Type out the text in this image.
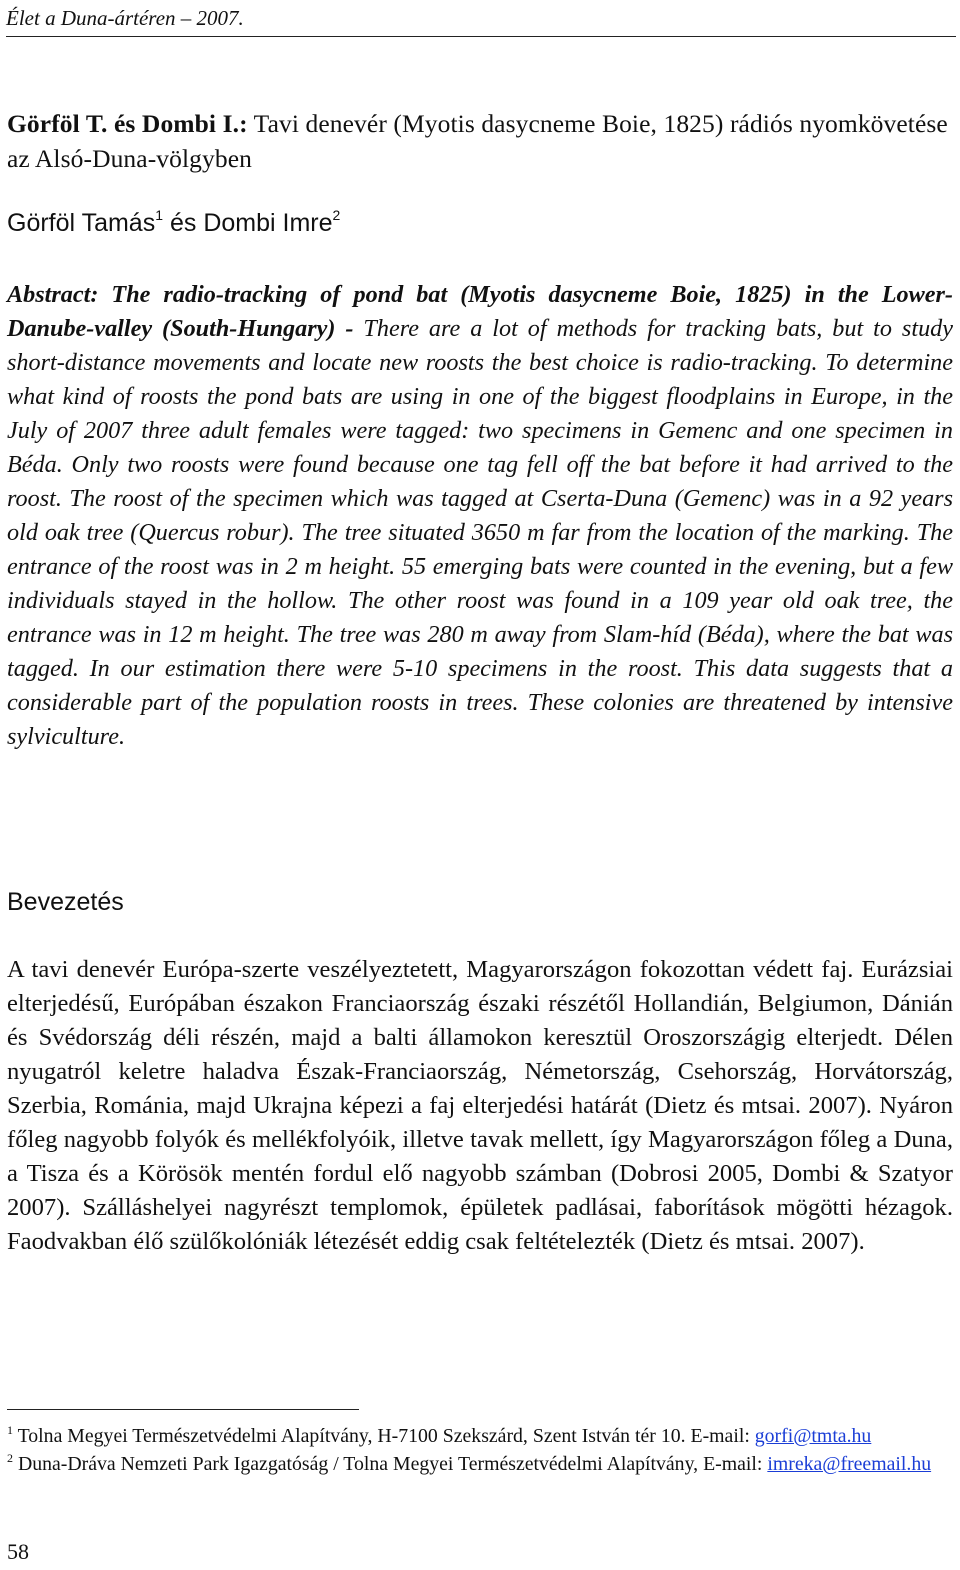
Élet a Duna-ártéren – 2007.
Görföl T. és Dombi I.: Tavi denevér (Myotis dasycneme Boie, 1825) rádiós nyomkövetése az Alsó-Duna-völgyben
Görföl Tamás$^1$ és Dombi Imre$^2$
Abstract: The radio-tracking of pond bat (Myotis dasycneme Boie, 1825) in the Lower-Danube-valley (South-Hungary) - There are a lot of methods for tracking bats, but to study short-distance movements and locate new roosts the best choice is radio-tracking. To determine what kind of roosts the pond bats are using in one of the biggest floodplains in Europe, in the July of 2007 three adult females were tagged: two specimens in Gemenc and one specimen in Béda. Only two roosts were found because one tag fell off the bat before it had arrived to the roost. The roost of the specimen which was tagged at Cserta-Duna (Gemenc) was in a 92 years old oak tree (Quercus robur). The tree situated 3650 m far from the location of the marking. The entrance of the roost was in 2 m height. 55 emerging bats were counted in the evening, but a few individuals stayed in the hollow. The other roost was found in a 109 year old oak tree, the entrance was in 12 m height. The tree was 280 m away from Slam-híd (Béda), where the bat was tagged. In our estimation there were 5-10 specimens in the roost. This data suggests that a considerable part of the population roosts in trees. These colonies are threatened by intensive sylviculture.
Bevezetés
A tavi denevér Európa-szerte veszélyeztetett, Magyarországon fokozottan védett faj. Eurázsiai elterjedésű, Európában északon Franciaország északi részétől Hollandián, Belgiumon, Dánián és Svédország déli részén, majd a balti államokon keresztül Oroszországig elterjedt. Délen nyugatról keletre haladva Észak-Franciaország, Németország, Csehország, Horvátország, Szerbia, Románia, majd Ukrajna képezi a faj elterjedési határát (Dietz és mtsai. 2007). Nyáron főleg nagyobb folyók és mellékfolyóik, illetve tavak mellett, így Magyarországon főleg a Duna, a Tisza és a Körösök mentén fordul elő nagyobb számban (Dobrosi 2005, Dombi & Szatyor 2007). Szálláshelyei nagyrészt templomok, épületek padlásai, faborítások mögötti hézagok. Faodvakban élő szülőkolóniák létezését eddig csak feltételezték (Dietz és mtsai. 2007).
$^1$ Tolna Megyei Természetvédelmi Alapítvány, H-7100 Szekszárd, Szent István tér 10. E-mail: gorfi@tmta.hu
$^2$ Duna-Dráva Nemzeti Park Igazgatóság / Tolna Megyei Természetvédelmi Alapítvány, E-mail: imreka@freemail.hu
58
